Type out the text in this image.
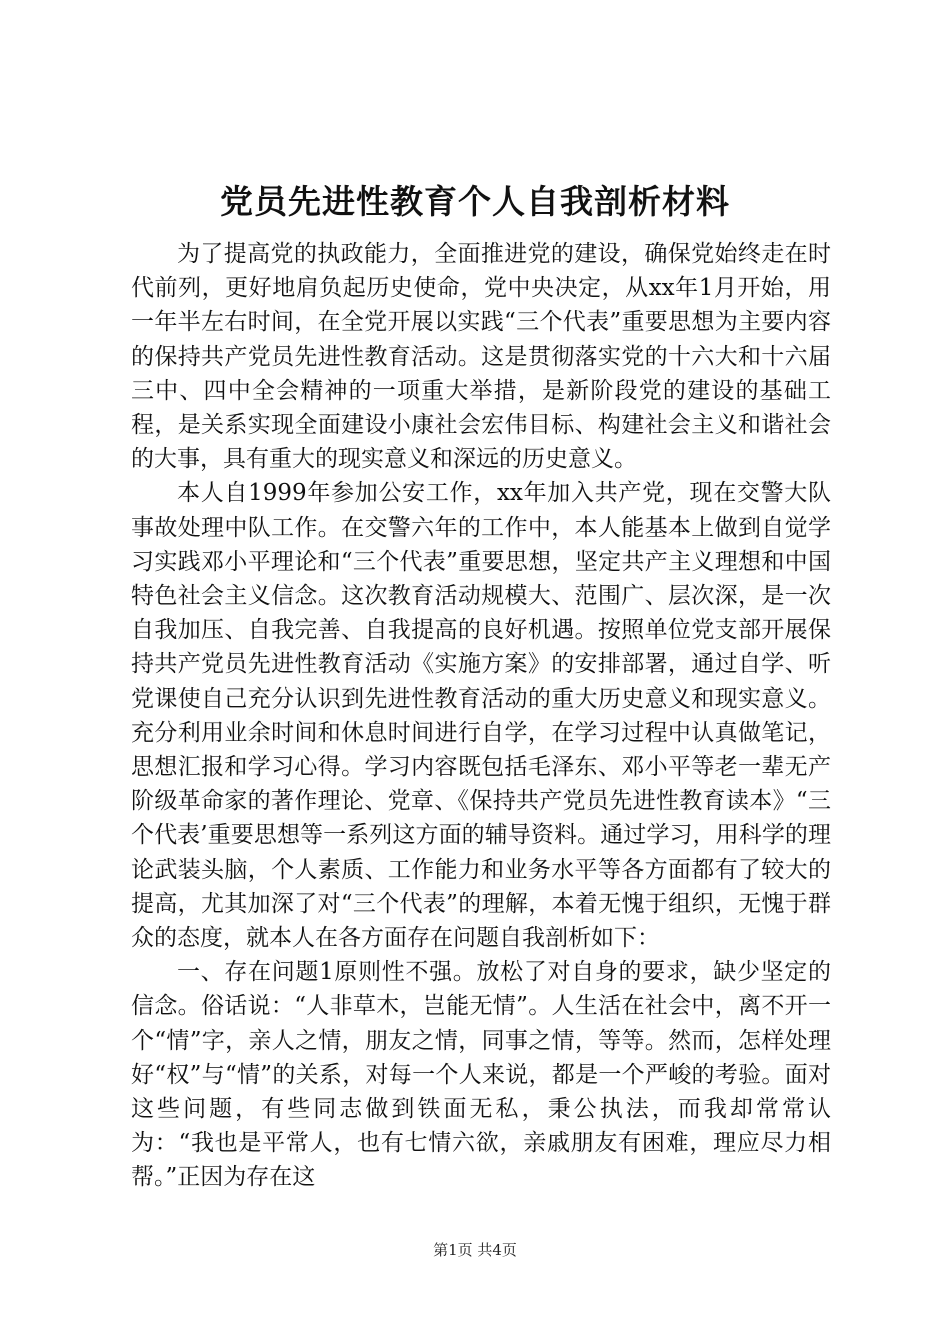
党员先进性教育个人自我剖析材料

为了提高党的执政能力，全面推进党的建设，确保党始终走在时代前列，更好地肩负起历史使命，党中央决定，从xx年1月开始，用一年半左右时间，在全党开展以实践“三个代表”重要思想为主要内容的保持共产党员先进性教育活动。这是贯彻落实党的十六大和十六届三中、四中全会精神的一项重大举措，是新阶段党的建设的基础工程，是关系实现全面建设小康社会宏伟目标、构建社会主义和谐社会的大事，具有重大的现实意义和深远的历史意义。

本人自1999年参加公安工作，xx年加入共产党，现在交警大队事故处理中队工作。在交警六年的工作中，本人能基本上做到自觉学习实践邓小平理论和“三个代表”重要思想，坚定共产主义理想和中国特色社会主义信念。这次教育活动规模大、范围广、层次深，是一次自我加压、自我完善、自我提高的良好机遇。按照单位党支部开展保持共产党员先进性教育活动《实施方案》的安排部署，通过自学、听党课使自己充分认识到先进性教育活动的重大历史意义和现实意义。充分利用业余时间和休息时间进行自学，在学习过程中认真做笔记，思想汇报和学习心得。学习内容既包括毛泽东、邓小平等老一辈无产阶级革命家的著作理论、党章、《保持共产党员先进性教育读本》“三个代表’重要思想等一系列这方面的辅导资料。通过学习，用科学的理论武装头脑，个人素质、工作能力和业务水平等各方面都有了较大的提高，尤其加深了对“三个代表”的理解，本着无愧于组织，无愧于群众的态度，就本人在各方面存在问题自我剖析如下：

一、存在问题1原则性不强。放松了对自身的要求，缺少坚定的信念。俗话说：“人非草木，岂能无情”。人生活在社会中，离不开一个“情”字，亲人之情，朋友之情，同事之情，等等。然而，怎样处理好“权”与“情”的关系，对每一个人来说，都是一个严峻的考验。面对这些问题，有些同志做到铁面无私，秉公执法，而我却常常认为：“我也是平常人，也有七情六欲，亲戚朋友有困难，理应尽力相帮。”正因为存在这

第1页 共4页
